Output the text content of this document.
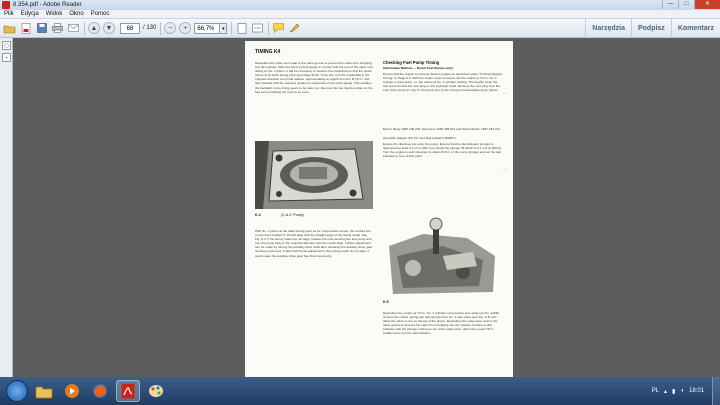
8.354.pdf - Adobe Reader	—	□	✕
Plik Edycja Widok Okno Pomoc
▲	▼	68	/ 130	−	+	66,7%	▾	Narzędzia	Podpisz	Komentarz
▢
⌁
TIMING K4
Reposition the valve stem seal to the valve groove to prevent the valve from dropping into the cylinder. With the aid of a clock gauge in contact with the end of the valve now sitting on No. 1 piston, it will be necessary to position the crankshaft so that the piston will be at its static timing point (see Page 6/10). To do this, turn the crankshaft in the opposite direction to normal rotation, approximately an eighth of a turn B.T.D.C. and then forward until the required position is registered on the clock gauge. This enables the backlash in the timing gears to be taken up. Remove the fuel injection plate on the fuel pump enabling the rotor to be seen.
K.4	(C.A.V. Pump)
With No. 1 piston at the static timing point as for compression stroke, the scribed line on the rotor marked 'F' should align with the straight edge of the timing circlip. See Fig. K.4. If the timing marks do not align, release the nuts securing the fuel pump and turn the pump body in the required direction until the marks align. Further adjustment can be made by turning the auxiliary drive shaft after releasing the auxiliary drive gear securing setscrews. If after both these adjustments, the timing marks do not align, it could mean the auxiliary drive gear has fitted incorrectly.
Checking Fuel Pump Timing
(Alternative Method — Bosch Fuel Pumps only)
Ensure that the engine is correctly fitted in engine as described under 'To Reset Engine Timing' on Page K.3. With the rocker cover removed, set the engine to T.D.C. No. 1 cylinder compression, i.e. the valves of No. 4 cylinder rocking. Thoroughly clean the fuel pump around the vent plug on the hydraulic head. Remove the vent plug from the end of the pump (C. Fig. K.14) and fit one of the timing tool assemblies given below:
Bosch: Body 1682 190 245, Extension 1682 458 014 and Dial Indicator 1687 233 013.
Churchill: Adaptor MS 107 and Dial Indicator MS65 A.
Ensure the dial does not enter the pump. Ensure that the dial indicator plunger is depressed at least 0.1 mm (.004 in) to check the plunger lift which is 0.1 mm (0.004 in). Turn the engine in each direction to obtain B.D.C. of the pump plunger and set the dial indicator to zero at this point.
K.5
Reposition the engine at T.D.C. No. 1 cylinder compression and using tool No. 21196, remove the collets, spring cap and springs from No. 1 inlet valve (see Fig. K.3) and allow the valve to rest on the top of the piston. Reposition the valve stem seal to the valve groove to prevent the valve from dropping into the cylinder. Position a dial indicator with the plunger resting on top of the valve stem, determine exact T.D.C. position and zero the dial indicator.
···
···
PL ▴ ▮ ◖ 18:01
